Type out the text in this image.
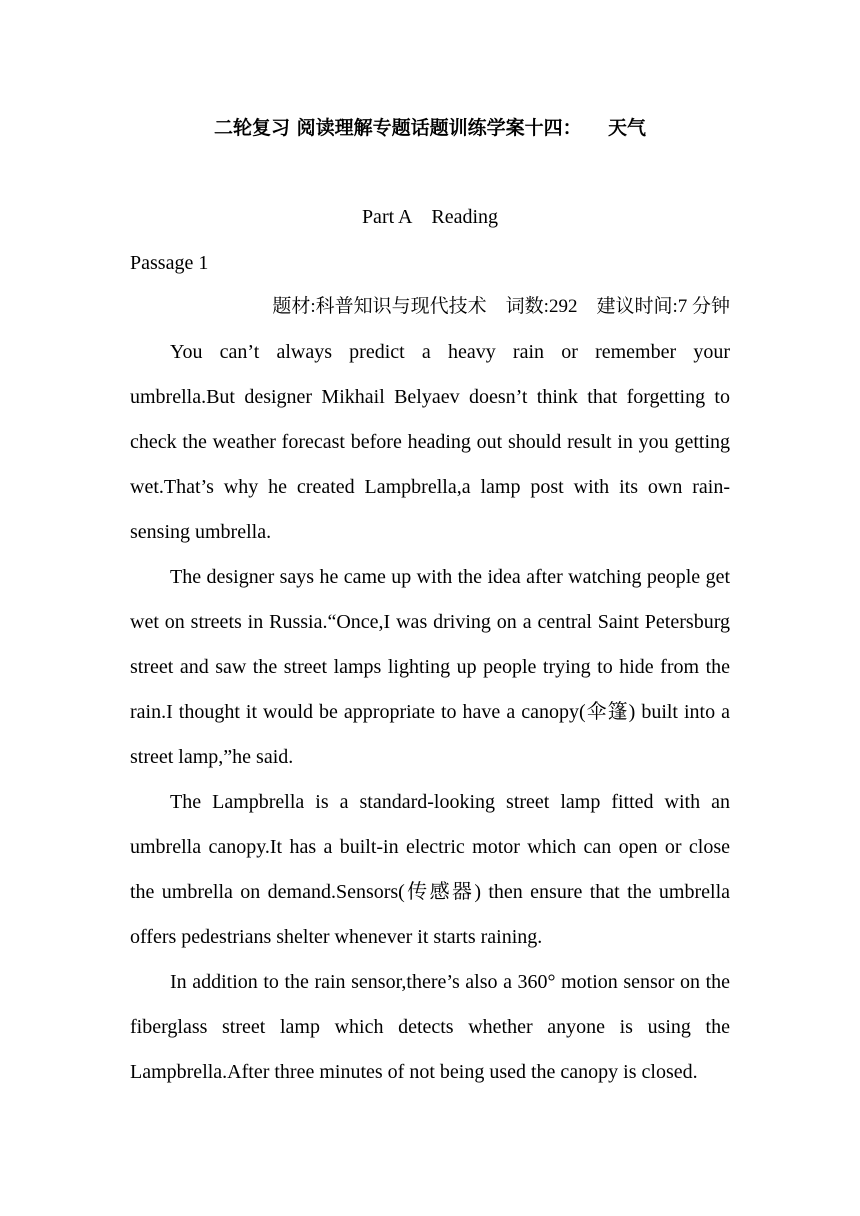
二轮复习 阅读理解专题话题训练学案十四：    天气
Part A    Reading
Passage 1
题材:科普知识与现代技术    词数:292    建议时间:7 分钟

You can’t always predict a heavy rain or remember your umbrella.But designer Mikhail Belyaev doesn’t think that forgetting to check the weather forecast before heading out should result in you getting wet.That’s why he created Lampbrella,a lamp post with its own rain-sensing umbrella.

The designer says he came up with the idea after watching people get wet on streets in Russia.“Once,I was driving on a central Saint Petersburg street and saw the street lamps lighting up people trying to hide from the rain.I thought it would be appropriate to have a canopy(伞篷) built into a street lamp,”he said.

The Lampbrella is a standard-looking street lamp fitted with an umbrella canopy.It has a built-in electric motor which can open or close the umbrella on demand.Sensors(传感器) then ensure that the umbrella offers pedestrians shelter whenever it starts raining.

In addition to the rain sensor,there’s also a 360° motion sensor on the fiberglass street lamp which detects whether anyone is using the Lampbrella.After three minutes of not being used the canopy is closed.
